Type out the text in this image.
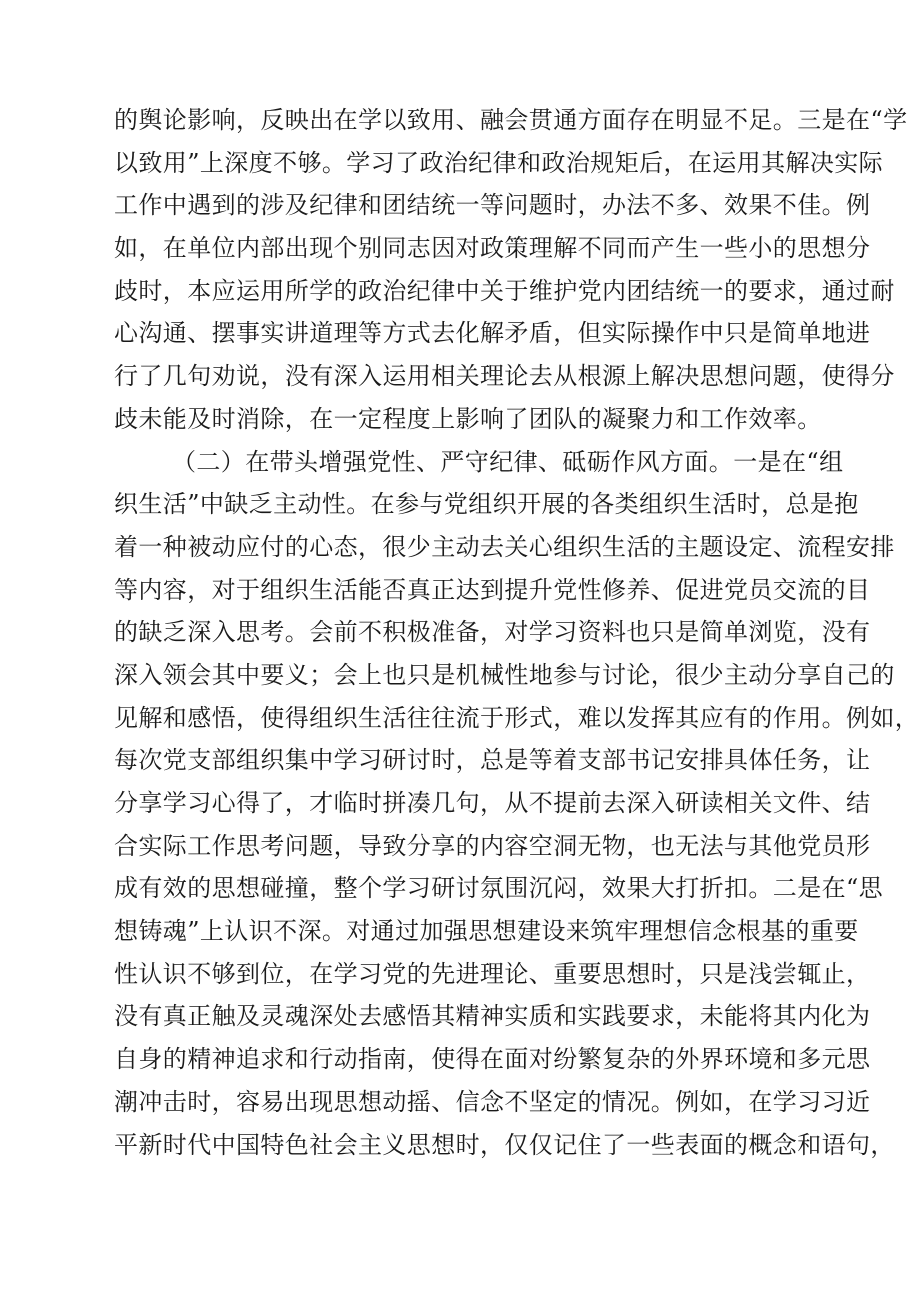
的舆论影响，反映出在学以致用、融会贯通方面存在明显不足。三是在“学
以致用”上深度不够。学习了政治纪律和政治规矩后，在运用其解决实际
工作中遇到的涉及纪律和团结统一等问题时，办法不多、效果不佳。例
如，在单位内部出现个别同志因对政策理解不同而产生一些小的思想分
歧时，本应运用所学的政治纪律中关于维护党内团结统一的要求，通过耐
心沟通、摆事实讲道理等方式去化解矛盾，但实际操作中只是简单地进
行了几句劝说，没有深入运用相关理论去从根源上解决思想问题，使得分
歧未能及时消除，在一定程度上影响了团队的凝聚力和工作效率。
（二）在带头增强党性、严守纪律、砥砺作风方面。一是在“组
织生活”中缺乏主动性。在参与党组织开展的各类组织生活时，总是抱
着一种被动应付的心态，很少主动去关心组织生活的主题设定、流程安排
等内容，对于组织生活能否真正达到提升党性修养、促进党员交流的目
的缺乏深入思考。会前不积极准备，对学习资料也只是简单浏览，没有
深入领会其中要义；会上也只是机械性地参与讨论，很少主动分享自己的
见解和感悟，使得组织生活往往流于形式，难以发挥其应有的作用。例如，
每次党支部组织集中学习研讨时，总是等着支部书记安排具体任务，让
分享学习心得了，才临时拼凑几句，从不提前去深入研读相关文件、结
合实际工作思考问题，导致分享的内容空洞无物，也无法与其他党员形
成有效的思想碰撞，整个学习研讨氛围沉闷，效果大打折扣。二是在“思
想铸魂”上认识不深。对通过加强思想建设来筑牢理想信念根基的重要
性认识不够到位，在学习党的先进理论、重要思想时，只是浅尝辄止，
没有真正触及灵魂深处去感悟其精神实质和实践要求，未能将其内化为
自身的精神追求和行动指南，使得在面对纷繁复杂的外界环境和多元思
潮冲击时，容易出现思想动摇、信念不坚定的情况。例如，在学习习近
平新时代中国特色社会主义思想时，仅仅记住了一些表面的概念和语句，
